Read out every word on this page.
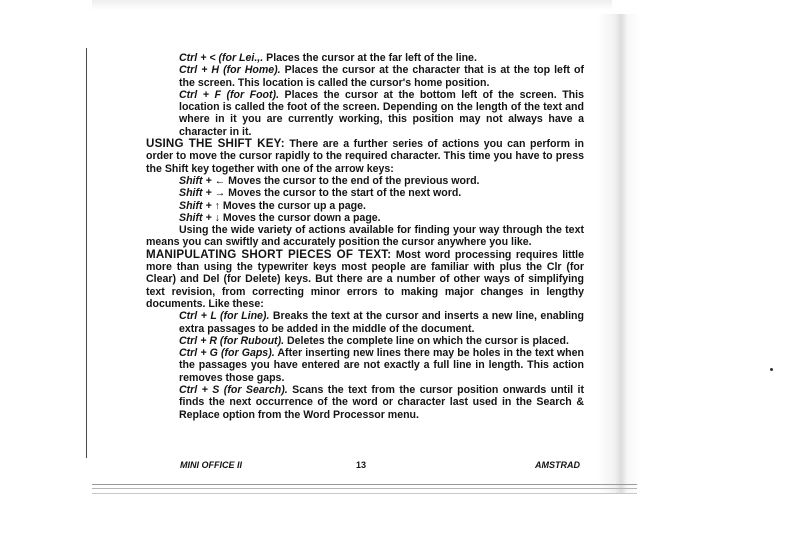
Ctrl + < (for Lei.,. Places the cursor at the far left of the line.

Ctrl + H (for Home). Places the cursor at the character that is at the top left of the screen. This location is called the cursor's home position.

Ctrl + F (for Foot). Places the cursor at the bottom left of the screen. This location is called the foot of the screen. Depending on the length of the text and where in it you are currently working, this position may not always have a character in it.

USING THE SHIFT KEY: There are a further series of actions you can perform in order to move the cursor rapidly to the required character. This time you have to press the Shift key together with one of the arrow keys:

Shift + ← Moves the cursor to the end of the previous word.

Shift + → Moves the cursor to the start of the next word.

Shift + ↑ Moves the cursor up a page.

Shift + ↓ Moves the cursor down a page.

Using the wide variety of actions available for finding your way through the text means you can swiftly and accurately position the cursor anywhere you like.

MANIPULATING SHORT PIECES OF TEXT: Most word processing requires little more than using the typewriter keys most people are familiar with plus the Clr (for Clear) and Del (for Delete) keys. But there are a number of other ways of simplifying text revision, from correcting minor errors to making major changes in lengthy documents. Like these:

Ctrl + L (for Line). Breaks the text at the cursor and inserts a new line, enabling extra passages to be added in the middle of the document.

Ctrl + R (for Rubout). Deletes the complete line on which the cursor is placed.

Ctrl + G (for Gaps). After inserting new lines there may be holes in the text when the passages you have entered are not exactly a full line in length. This action removes those gaps.

Ctrl + S (for Search). Scans the text from the cursor position onwards until it finds the next occurrence of the word or character last used in the Search & Replace option from the Word Processor menu.

MINI OFFICE II	13	AMSTRAD
